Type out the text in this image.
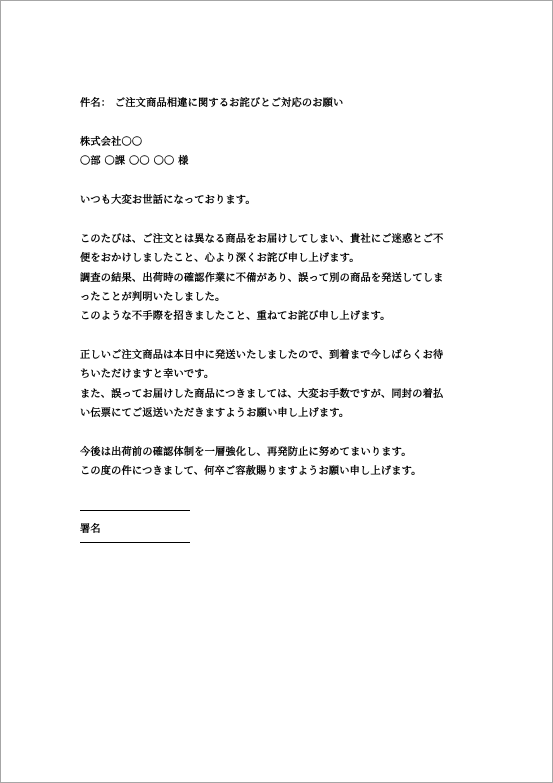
件名： ご注文商品相違に関するお詫びとご対応のお願い
株式会社〇〇
〇部 〇課 〇〇 〇〇 様
いつも大変お世話になっております。
このたびは、ご注文とは異なる商品をお届けしてしまい、貴社にご迷惑とご不
便をおかけしましたこと、心より深くお詫び申し上げます。
調査の結果、出荷時の確認作業に不備があり、誤って別の商品を発送してしま
ったことが判明いたしました。
このような不手際を招きましたこと、重ねてお詫び申し上げます。
正しいご注文商品は本日中に発送いたしましたので、到着まで今しばらくお待
ちいただけますと幸いです。
また、誤ってお届けした商品につきましては、大変お手数ですが、同封の着払
い伝票にてご返送いただきますようお願い申し上げます。
今後は出荷前の確認体制を一層強化し、再発防止に努めてまいります。
この度の件につきまして、何卒ご容赦賜りますようお願い申し上げます。
署名
